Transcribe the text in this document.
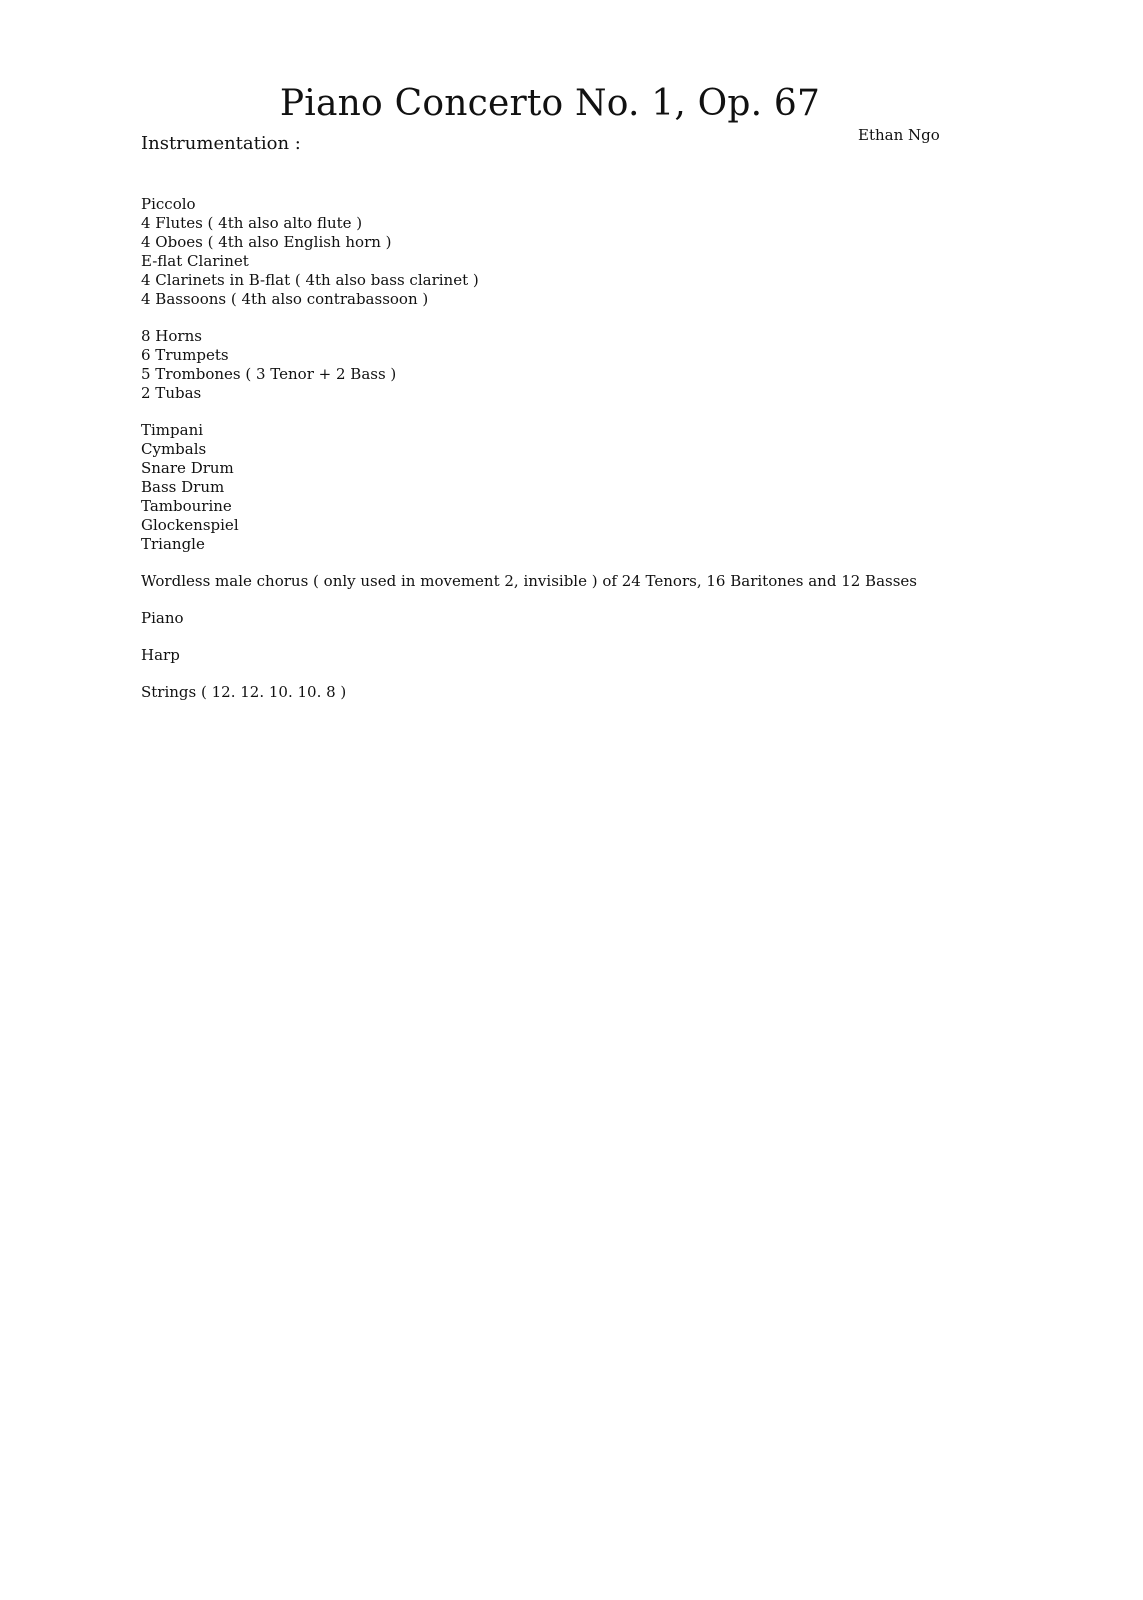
Piano Concerto No. 1, Op. 67
Ethan Ngo
Instrumentation :
Piccolo
4 Flutes ( 4th also alto flute )
4 Oboes ( 4th also English horn )
E-flat Clarinet
4 Clarinets in B-flat ( 4th also bass clarinet )
4 Bassoons ( 4th also contrabassoon )
8 Horns
6 Trumpets
5 Trombones ( 3 Tenor + 2 Bass )
2 Tubas
Timpani
Cymbals
Snare Drum
Bass Drum
Tambourine
Glockenspiel
Triangle
Wordless male chorus ( only used in movement 2, invisible ) of 24 Tenors, 16 Baritones and 12 Basses
Piano
Harp
Strings ( 12. 12. 10. 10. 8 )
